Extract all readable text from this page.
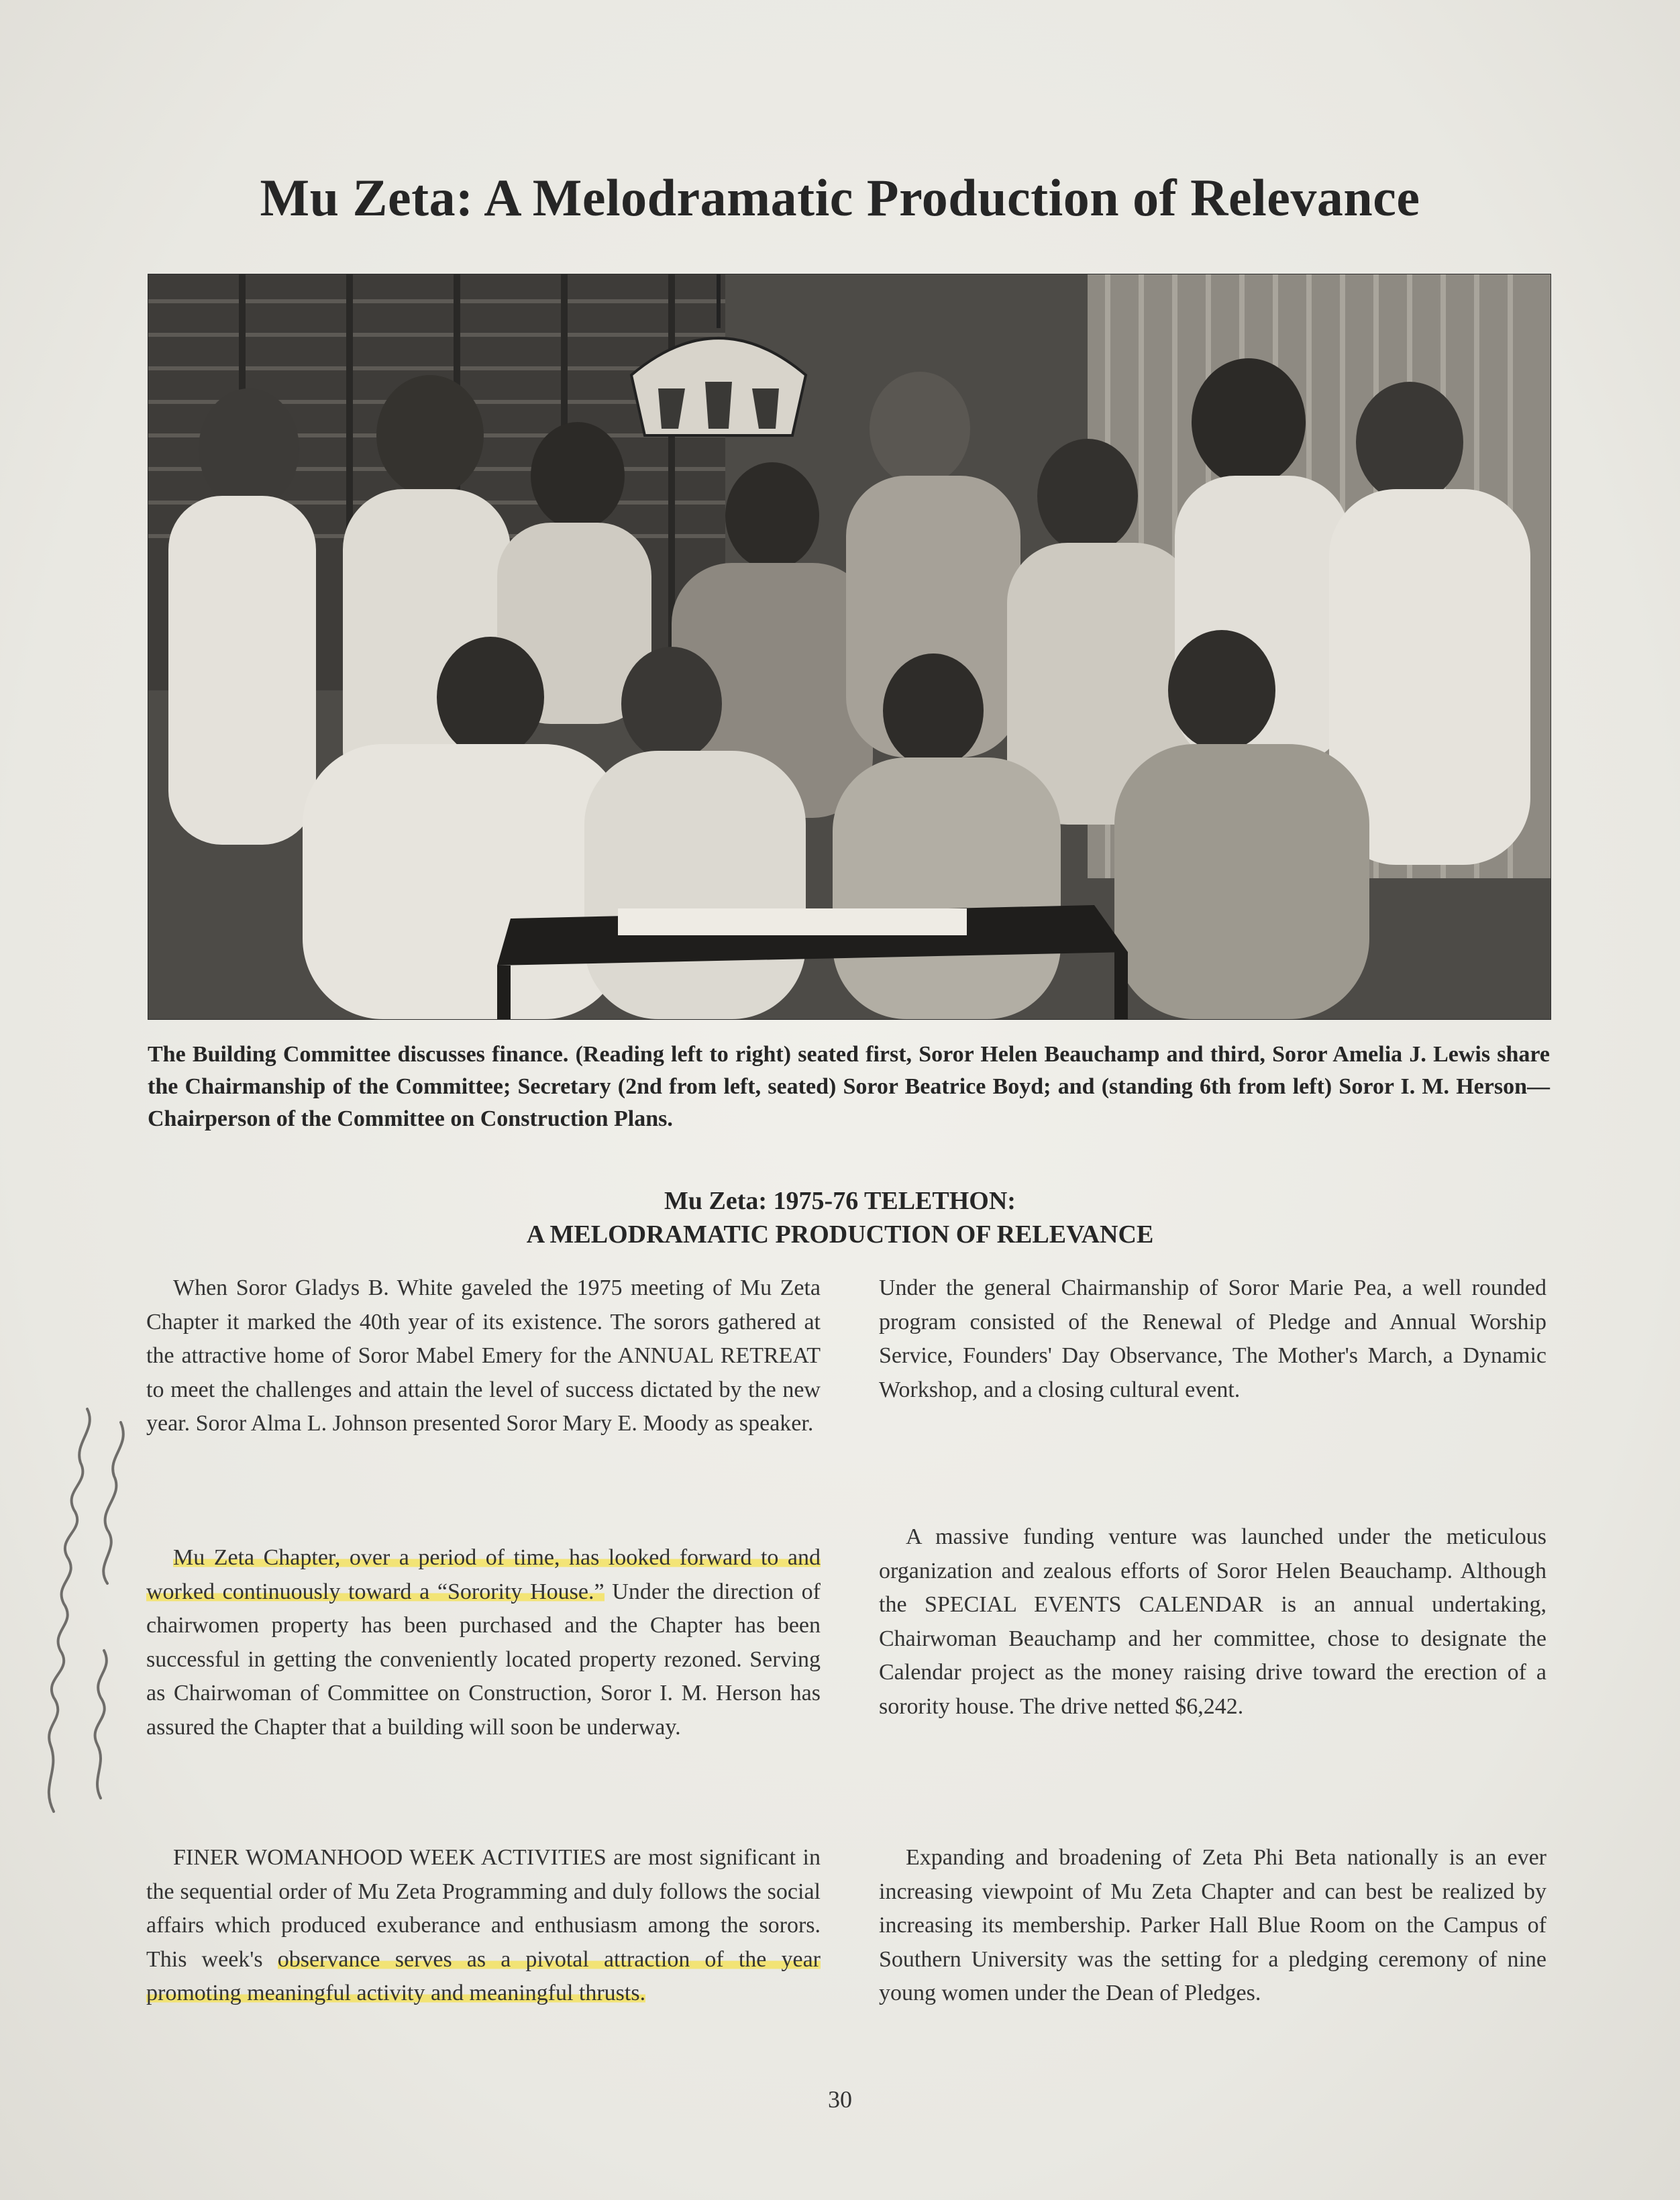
Mu Zeta: A Melodramatic Production of Relevance

The Building Committee discusses finance. (Reading left to right) seated first, Soror Helen Beauchamp and third, Soror Amelia J. Lewis share the Chairmanship of the Committee; Secretary (2nd from left, seated) Soror Beatrice Boyd; and (standing 6th from left) Soror I. M. Herson—Chairperson of the Committee on Construction Plans.

Mu Zeta: 1975-76 TELETHON:
A MELODRAMATIC PRODUCTION OF RELEVANCE

When Soror Gladys B. White gaveled the 1975 meeting of Mu Zeta Chapter it marked the 40th year of its existence. The sorors gathered at the attractive home of Soror Mabel Emery for the ANNUAL RETREAT to meet the challenges and attain the level of success dictated by the new year. Soror Alma L. Johnson presented Soror Mary E. Moody as speaker.

Mu Zeta Chapter, over a period of time, has looked forward to and worked continuously toward a “Sorority House.” Under the direction of chairwomen property has been purchased and the Chapter has been successful in getting the conveniently located property rezoned. Serving as Chairwoman of Committee on Construction, Soror I. M. Herson has assured the Chapter that a building will soon be underway.

FINER WOMANHOOD WEEK ACTIVITIES are most significant in the sequential order of Mu Zeta Programming and duly follows the social affairs which produced exuberance and enthusiasm among the sorors. This week's observance serves as a pivotal attraction of the year promoting meaningful activity and meaningful thrusts.

Under the general Chairmanship of Soror Marie Pea, a well rounded program consisted of the Renewal of Pledge and Annual Worship Service, Founders' Day Observance, The Mother's March, a Dynamic Workshop, and a closing cultural event.

A massive funding venture was launched under the meticulous organization and zealous efforts of Soror Helen Beauchamp. Although the SPECIAL EVENTS CALENDAR is an annual undertaking, Chairwoman Beauchamp and her committee, chose to designate the Calendar project as the money raising drive toward the erection of a sorority house. The drive netted $6,242.

Expanding and broadening of Zeta Phi Beta nationally is an ever increasing viewpoint of Mu Zeta Chapter and can best be realized by increasing its membership. Parker Hall Blue Room on the Campus of Southern University was the setting for a pledging ceremony of nine young women under the Dean of Pledges.

30
